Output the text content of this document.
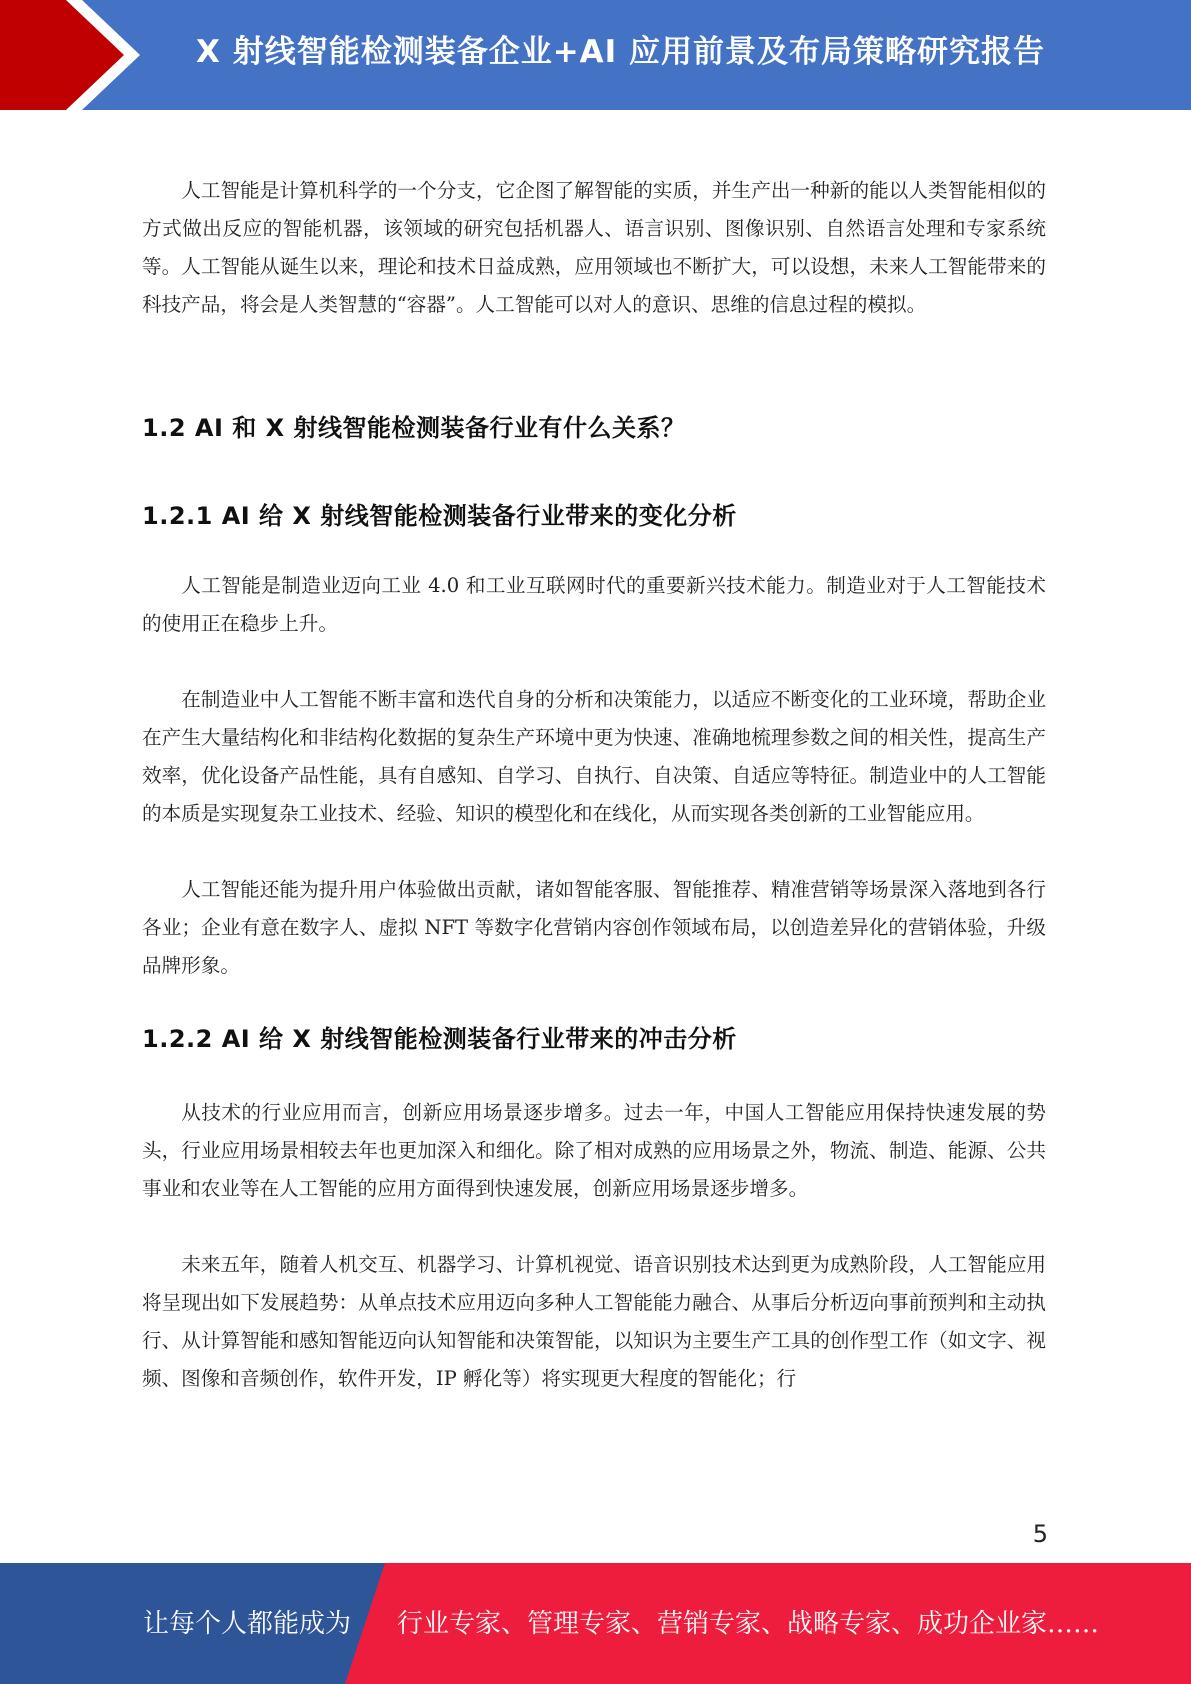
X 射线智能检测装备企业+AI 应用前景及布局策略研究报告

人工智能是计算机科学的一个分支，它企图了解智能的实质，并生产出一种新的能以人类智能相似的方式做出反应的智能机器，该领域的研究包括机器人、语言识别、图像识别、自然语言处理和专家系统等。人工智能从诞生以来，理论和技术日益成熟，应用领域也不断扩大，可以设想，未来人工智能带来的科技产品，将会是人类智慧的“容器”。人工智能可以对人的意识、思维的信息过程的模拟。

1.2 AI 和 X 射线智能检测装备行业有什么关系？
1.2.1 AI 给 X 射线智能检测装备行业带来的变化分析

人工智能是制造业迈向工业 4.0 和工业互联网时代的重要新兴技术能力。制造业对于人工智能技术的使用正在稳步上升。

在制造业中人工智能不断丰富和迭代自身的分析和决策能力，以适应不断变化的工业环境，帮助企业在产生大量结构化和非结构化数据的复杂生产环境中更为快速、准确地梳理参数之间的相关性，提高生产效率，优化设备产品性能，具有自感知、自学习、自执行、自决策、自适应等特征。制造业中的人工智能的本质是实现复杂工业技术、经验、知识的模型化和在线化，从而实现各类创新的工业智能应用。

人工智能还能为提升用户体验做出贡献，诸如智能客服、智能推荐、精准营销等场景深入落地到各行各业；企业有意在数字人、虚拟 NFT 等数字化营销内容创作领域布局，以创造差异化的营销体验，升级品牌形象。

1.2.2 AI 给 X 射线智能检测装备行业带来的冲击分析

从技术的行业应用而言，创新应用场景逐步增多。过去一年，中国人工智能应用保持快速发展的势头，行业应用场景相较去年也更加深入和细化。除了相对成熟的应用场景之外，物流、制造、能源、公共事业和农业等在人工智能的应用方面得到快速发展，创新应用场景逐步增多。

未来五年，随着人机交互、机器学习、计算机视觉、语音识别技术达到更为成熟阶段，人工智能应用将呈现出如下发展趋势：从单点技术应用迈向多种人工智能能力融合、从事后分析迈向事前预判和主动执行、从计算智能和感知智能迈向认知智能和决策智能，以知识为主要生产工具的创作型工作（如文字、视频、图像和音频创作，软件开发，IP 孵化等）将实现更大程度的智能化；行

5
让每个人都能成为 行业专家、管理专家、营销专家、战略专家、成功企业家……
